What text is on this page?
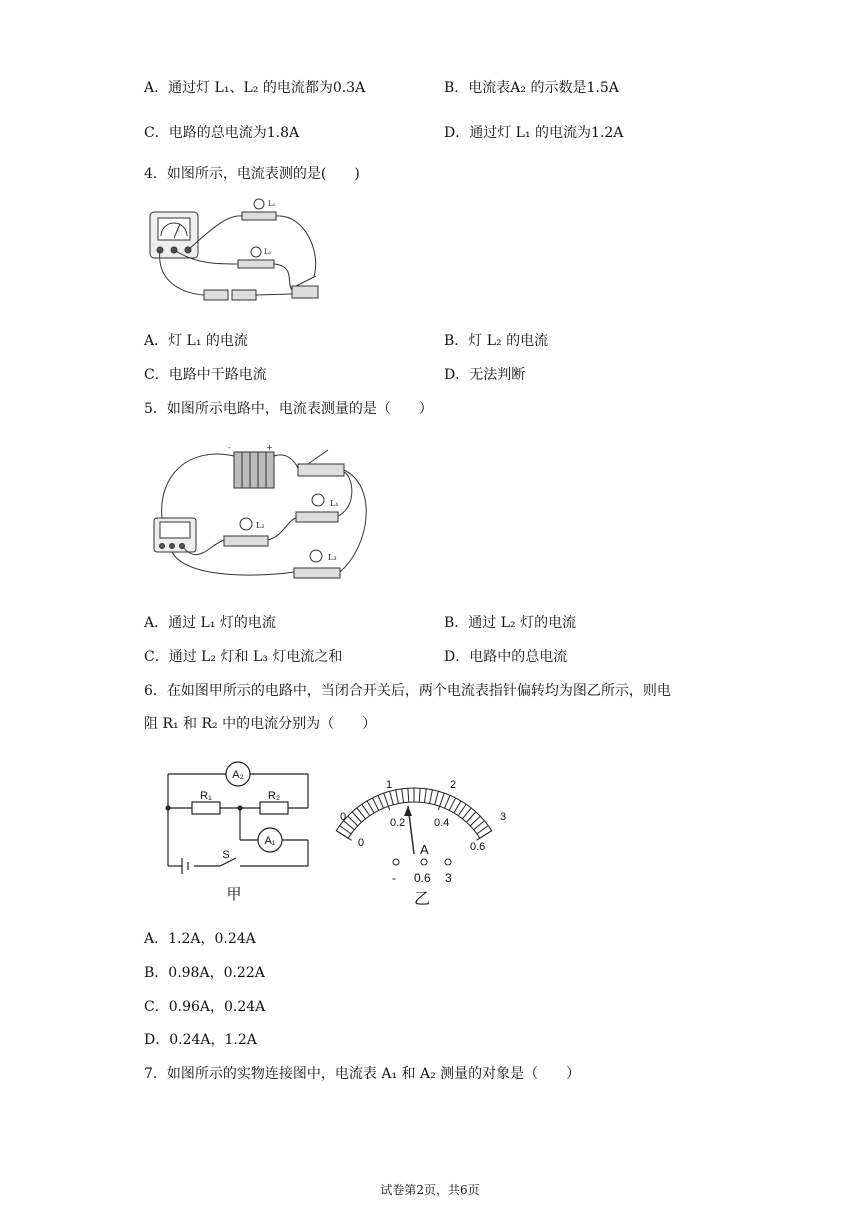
A．通过灯 L₁、L₂ 的电流都为0.3A	B．电流表A₂ 的示数是1.5A
C．电路的总电流为1.8A	D．通过灯 L₁ 的电流为1.2A
4．如图所示，电流表测的是(　　)
L₁
L₂
A．灯 L₁ 的电流	B．灯 L₂ 的电流
C．电路中干路电流	D．无法判断
5．如图所示电路中，电流表测量的是（　　）
-	+
L₁
L₂
L₃
A．通过 L₁ 灯的电流	B．通过 L₂ 灯的电流
C．通过 L₂ 灯和 L₃ 灯电流之和	D．电路中的总电流
6．在如图甲所示的电路中，当闭合开关后，两个电流表指针偏转均为图乙所示，则电
阻 R₁ 和 R₂ 中的电流分别为（　　）
A₂
A₁
R₁	R₂
S
甲
0
1	2
3
0
0.2	0.4
0.6
A
- 0.6 3
乙
A．1.2A，0.24A
B．0.98A，0.22A
C．0.96A，0.24A
D．0.24A，1.2A
7．如图所示的实物连接图中，电流表 A₁ 和 A₂ 测量的对象是（　　）
试卷第2页，共6页
